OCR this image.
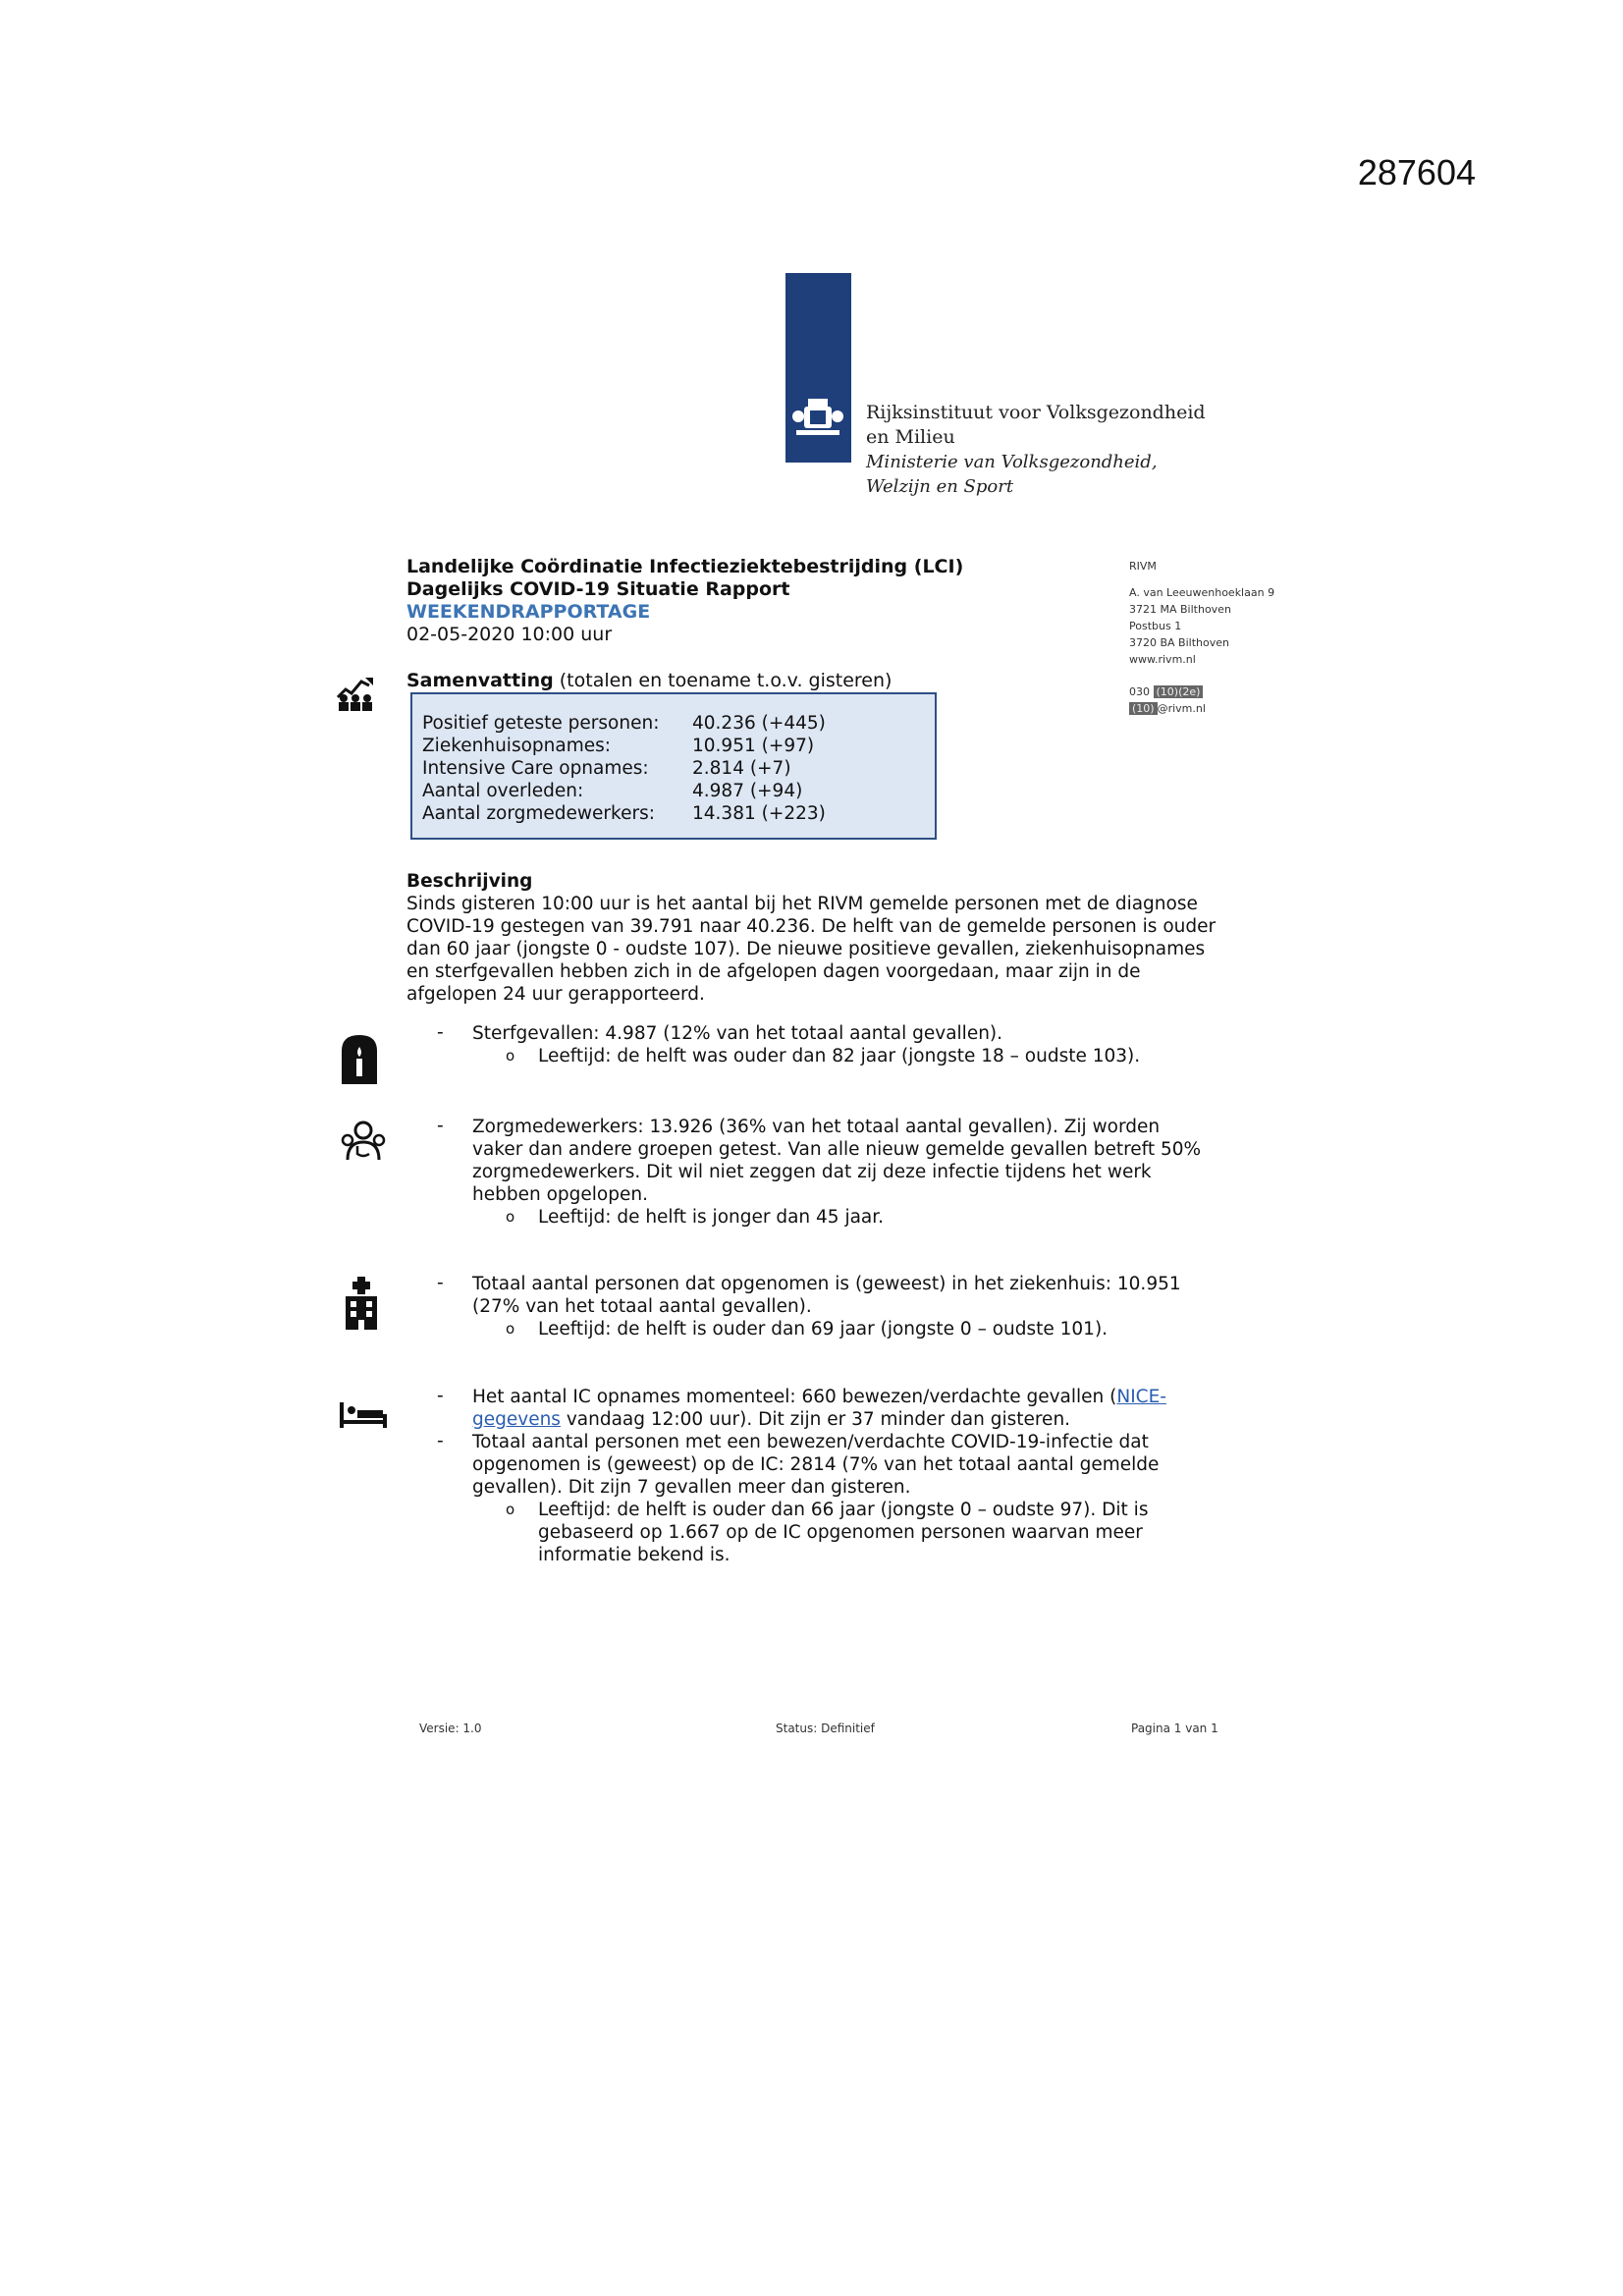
287604
Rijksinstituut voor Volksgezondheid
en Milieu
Ministerie van Volksgezondheid,
Welzijn en Sport
Landelijke Coördinatie Infectieziektebestrijding (LCI)
Dagelijks COVID-19 Situatie Rapport
WEEKENDRAPPORTAGE
02-05-2020 10:00 uur
RIVM
A. van Leeuwenhoeklaan 9
3721 MA Bilthoven
Postbus 1
3720 BA Bilthoven
www.rivm.nl
030 (10)(2e)
(10) @rivm.nl
Samenvatting (totalen en toename t.o.v. gisteren)
Positief geteste personen: 40.236 (+445)
Ziekenhuisopnames:	10.951 (+97)
Intensive Care opnames: 2.814 (+7)
Aantal overleden:	4.987 (+94)
Aantal zorgmedewerkers: 14.381 (+223)
Beschrijving
Sinds gisteren 10:00 uur is het aantal bij het RIVM gemelde personen met de diagnose
COVID-19 gestegen van 39.791 naar 40.236. De helft van de gemelde personen is ouder
dan 60 jaar (jongste 0 - oudste 107). De nieuwe positieve gevallen, ziekenhuisopnames
en sterfgevallen hebben zich in de afgelopen dagen voorgedaan, maar zijn in de
afgelopen 24 uur gerapporteerd.
- Sterfgevallen: 4.987 (12% van het totaal aantal gevallen).
o Leeftijd: de helft was ouder dan 82 jaar (jongste 18 – oudste 103).
- Zorgmedewerkers: 13.926 (36% van het totaal aantal gevallen). Zij worden
vaker dan andere groepen getest. Van alle nieuw gemelde gevallen betreft 50%
zorgmedewerkers. Dit wil niet zeggen dat zij deze infectie tijdens het werk
hebben opgelopen.
o Leeftijd: de helft is jonger dan 45 jaar.
- Totaal aantal personen dat opgenomen is (geweest) in het ziekenhuis: 10.951
(27% van het totaal aantal gevallen).
o Leeftijd: de helft is ouder dan 69 jaar (jongste 0 – oudste 101).
- Het aantal IC opnames momenteel: 660 bewezen/verdachte gevallen (NICE-
gegevens vandaag 12:00 uur). Dit zijn er 37 minder dan gisteren.
- Totaal aantal personen met een bewezen/verdachte COVID-19-infectie dat
opgenomen is (geweest) op de IC: 2814 (7% van het totaal aantal gemelde
gevallen). Dit zijn 7 gevallen meer dan gisteren.
o Leeftijd: de helft is ouder dan 66 jaar (jongste 0 – oudste 97). Dit is
gebaseerd op 1.667 op de IC opgenomen personen waarvan meer
informatie bekend is.
Versie: 1.0	Status: Definitief	Pagina 1 van 1
